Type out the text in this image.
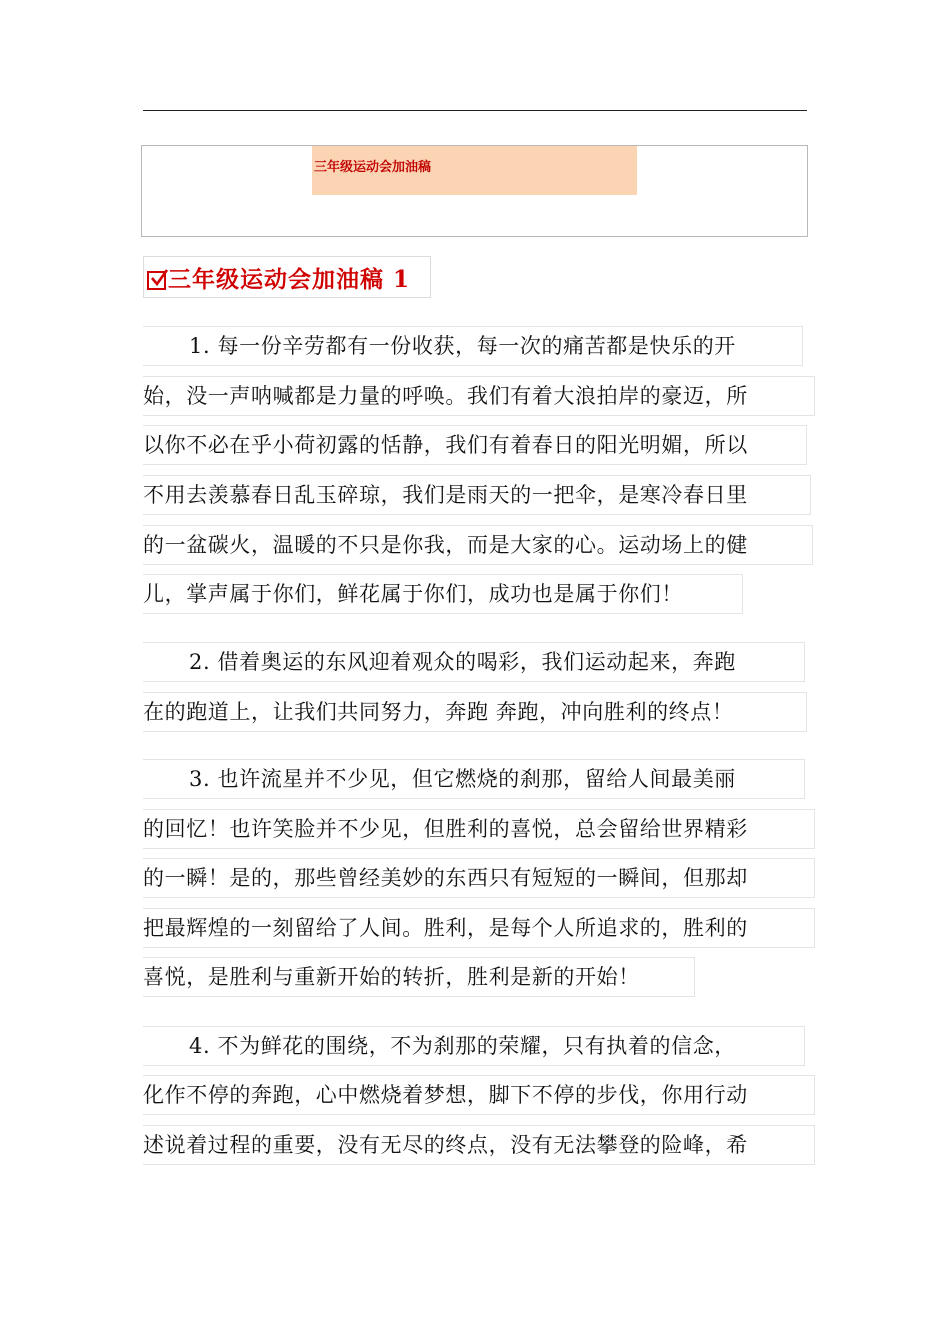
三年级运动会加油稿
三年级运动会加油稿 1
1. 每一份辛劳都有一份收获，每一次的痛苦都是快乐的开
始，没一声呐喊都是力量的呼唤。我们有着大浪拍岸的豪迈，所
以你不必在乎小荷初露的恬静，我们有着春日的阳光明媚，所以
不用去羡慕春日乱玉碎琼，我们是雨天的一把伞，是寒冷春日里
的一盆碳火，温暖的不只是你我，而是大家的心。运动场上的健
儿，掌声属于你们，鲜花属于你们，成功也是属于你们！
2. 借着奥运的东风迎着观众的喝彩，我们运动起来，奔跑
在的跑道上，让我们共同努力，奔跑 奔跑，冲向胜利的终点！
3. 也许流星并不少见，但它燃烧的刹那，留给人间最美丽
的回忆！也许笑脸并不少见，但胜利的喜悦，总会留给世界精彩
的一瞬！是的，那些曾经美妙的东西只有短短的一瞬间，但那却
把最辉煌的一刻留给了人间。胜利，是每个人所追求的，胜利的
喜悦，是胜利与重新开始的转折，胜利是新的开始！
4. 不为鲜花的围绕，不为刹那的荣耀，只有执着的信念，
化作不停的奔跑，心中燃烧着梦想，脚下不停的步伐，你用行动
述说着过程的重要，没有无尽的终点，没有无法攀登的险峰，希
